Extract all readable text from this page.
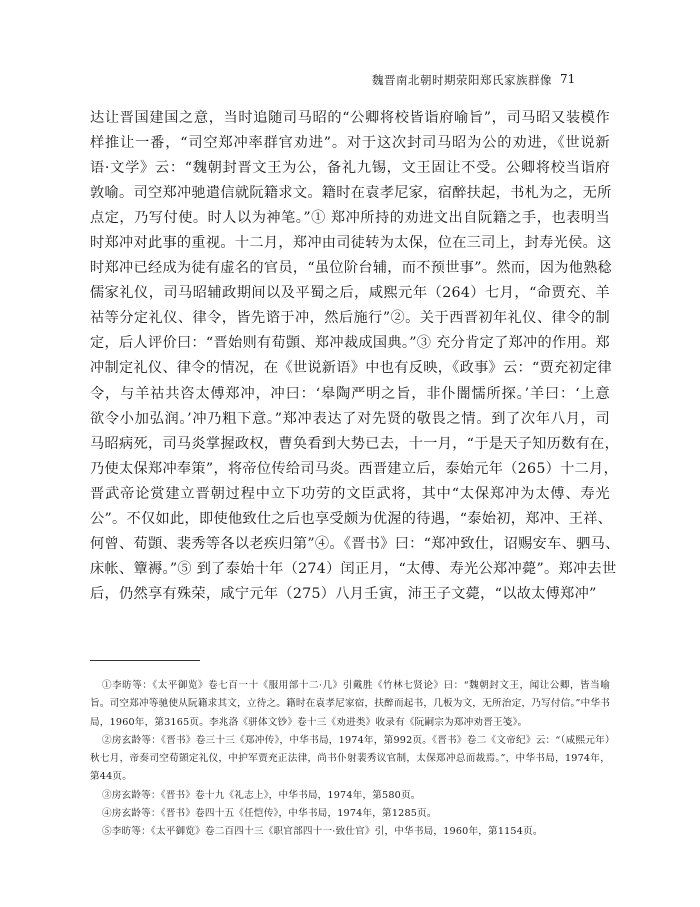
魏晋南北朝时期荥阳郑氏家族群像 71
达让晋国建国之意，当时追随司马昭的“公卿将校皆诣府喻旨”，司马昭又装模作
样推让一番，“司空郑冲率群官劝进”。对于这次封司马昭为公的劝进，《世说新
语·文学》云：“魏朝封晋文王为公，备礼九锡，文王固让不受。公卿将校当诣府
敦喻。司空郑冲驰遣信就阮籍求文。籍时在袁孝尼家，宿醉扶起，书札为之，无所
点定，乃写付使。时人以为神笔。”① 郑冲所持的劝进文出自阮籍之手，也表明当
时郑冲对此事的重视。十二月，郑冲由司徒转为太保，位在三司上，封寿光侯。这
时郑冲已经成为徒有虚名的官员，“虽位阶台辅，而不预世事”。然而，因为他熟稔
儒家礼仪，司马昭辅政期间以及平蜀之后，咸熙元年（264）七月，“命贾充、羊
祜等分定礼仪、律令，皆先谘于冲，然后施行”②。关于西晋初年礼仪、律令的制
定，后人评价曰：“晋始则有荀顗、郑冲裁成国典。”③ 充分肯定了郑冲的作用。郑
冲制定礼仪、律令的情况，在《世说新语》中也有反映，《政事》云：“贾充初定律
令，与羊祜共咨太傅郑冲，冲曰：‘皋陶严明之旨，非仆闇懦所探。’羊曰：‘上意
欲令小加弘润。’冲乃粗下意。”郑冲表达了对先贤的敬畏之情。到了次年八月，司
马昭病死，司马炎掌握政权，曹奂看到大势已去，十一月，“于是天子知历数有在，
乃使太保郑冲奉策”，将帝位传给司马炎。西晋建立后，泰始元年（265）十二月，
晋武帝论赏建立晋朝过程中立下功劳的文臣武将，其中“太保郑冲为太傅、寿光
公”。不仅如此，即使他致仕之后也享受颇为优渥的待遇，“泰始初，郑冲、王祥、
何曾、荀顗、裴秀等各以老疾归第”④。《晋书》曰：“郑冲致仕，诏赐安车、驷马、
床帐、簟褥。”⑤ 到了泰始十年（274）闰正月，“太傅、寿光公郑冲薨”。郑冲去世
后，仍然享有殊荣，咸宁元年（275）八月壬寅，沛王子文薨，“以故太傅郑冲”

①李昉等：《太平御览》卷七百一十《服用部十二·几》引戴胜《竹林七贤论》曰：“魏朝封文王，闻让公卿，皆当喻旨。司空郑冲等驰使从阮籍求其文，立待之。籍时在袁孝尼家宿，扶醉而起书，几板为文，无所治定，乃写付信。”中华书局，1960年，第3165页。李兆洛《骈体文钞》卷十三《劝进类》收录有《阮嗣宗为郑冲劝晋王笺》。

②房玄龄等：《晋书》卷三十三《郑冲传》，中华书局，1974年，第992页。《晋书》卷二《文帝纪》云：“（咸熙元年）秋七月，帝奏司空荀顗定礼仪，中护军贾充正法律，尚书仆射裴秀议官制，太保郑冲总而裁焉。”，中华书局，1974年，第44页。

③房玄龄等：《晋书》卷十九《礼志上》，中华书局，1974年，第580页。

④房玄龄等：《晋书》卷四十五《任恺传》，中华书局，1974年，第1285页。

⑤李昉等：《太平御览》卷二百四十三《职官部四十一·致仕官》引，中华书局，1960年，第1154页。
